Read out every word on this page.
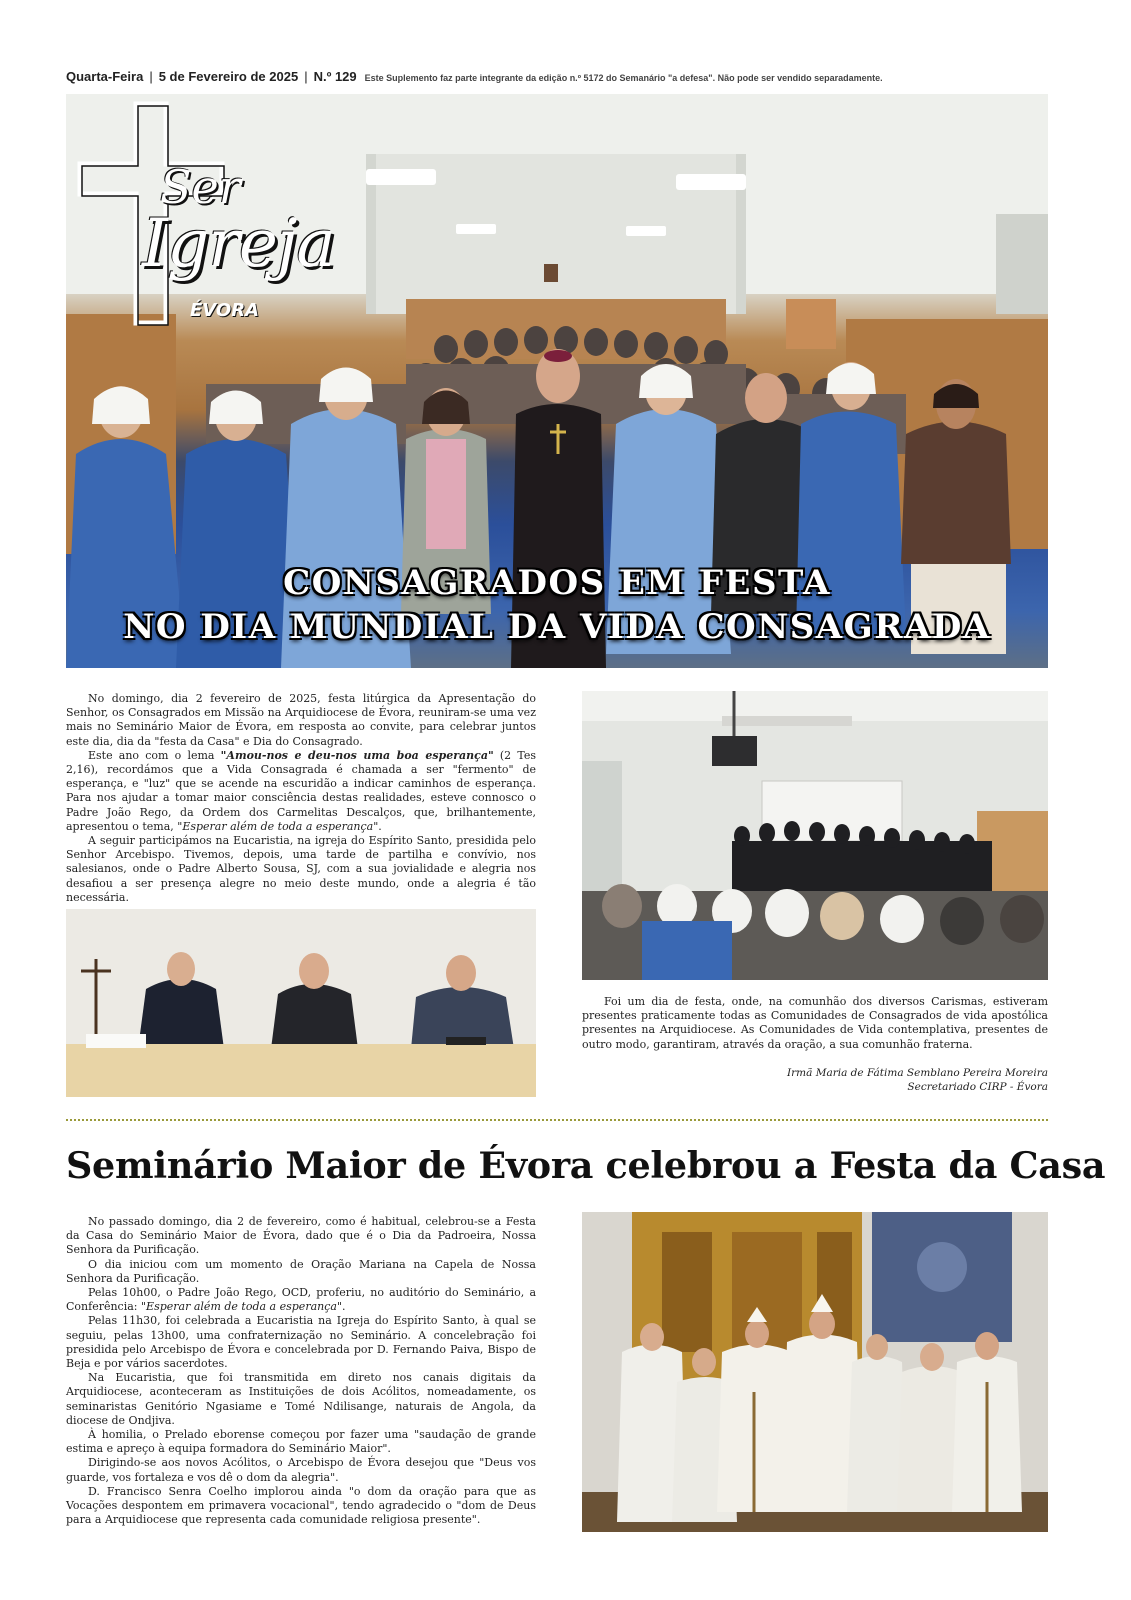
Quarta-Feira | 5 de Fevereiro de 2025 | N.º 129 Este Suplemento faz parte integrante da edição n.º 5172 do Semanário "a defesa". Não pode ser vendido separadamente.
Ser
Igreja
ÉVORA
CONSAGRADOS EM FESTA
NO DIA MUNDIAL DA VIDA CONSAGRADA

No domingo, dia 2 fevereiro de 2025, festa litúrgica da Apresentação do Senhor, os Consagrados em Missão na Arquidiocese de Évora, reuniram-se uma vez mais no Seminário Maior de Évora, em resposta ao convite, para celebrar juntos este dia, dia da "festa da Casa" e Dia do Consagrado.

Este ano com o lema "Amou-nos e deu-nos uma boa esperança" (2 Tes 2,16), recordámos que a Vida Consagrada é chamada a ser "fermento" de esperança, e "luz" que se acende na escuridão a indicar caminhos de esperança. Para nos ajudar a tomar maior consciência destas realidades, esteve connosco o Padre João Rego, da Ordem dos Carmelitas Descalços, que, brilhantemente, apresentou o tema, "Esperar além de toda a esperança".

A seguir participámos na Eucaristia, na igreja do Espírito Santo, presidida pelo Senhor Arcebispo. Tivemos, depois, uma tarde de partilha e convívio, nos salesianos, onde o Padre Alberto Sousa, SJ, com a sua jovialidade e alegria nos desafiou a ser presença alegre no meio deste mundo, onde a alegria é tão necessária.

Foi um dia de festa, onde, na comunhão dos diversos Carismas, estiveram presentes praticamente todas as Comunidades de Consagrados de vida apostólica presentes na Arquidiocese. As Comunidades de Vida contemplativa, presentes de outro modo, garantiram, através da oração, a sua comunhão fraterna.

Irmã Maria de Fátima Semblano Pereira Moreira
Secretariado CIRP - Évora
Seminário Maior de Évora celebrou a Festa da Casa

No passado domingo, dia 2 de fevereiro, como é habitual, celebrou-se a Festa da Casa do Seminário Maior de Évora, dado que é o Dia da Padroeira, Nossa Senhora da Purificação.

O dia iniciou com um momento de Oração Mariana na Capela de Nossa Senhora da Purificação.

Pelas 10h00, o Padre João Rego, OCD, proferiu, no auditório do Seminário, a Conferência: "Esperar além de toda a esperança".

Pelas 11h30, foi celebrada a Eucaristia na Igreja do Espírito Santo, à qual se seguiu, pelas 13h00, uma confraternização no Seminário. A concelebração foi presidida pelo Arcebispo de Évora e concelebrada por D. Fernando Paiva, Bispo de Beja e por vários sacerdotes.

Na Eucaristia, que foi transmitida em direto nos canais digitais da Arquidiocese, aconteceram as Instituições de dois Acólitos, nomeadamente, os seminaristas Genitório Ngasiame e Tomé Ndilisange, naturais de Angola, da diocese de Ondjiva.

À homilia, o Prelado eborense começou por fazer uma "saudação de grande estima e apreço à equipa formadora do Seminário Maior".

Dirigindo-se aos novos Acólitos, o Arcebispo de Évora desejou que "Deus vos guarde, vos fortaleza e vos dê o dom da alegria".

D. Francisco Senra Coelho implorou ainda "o dom da oração para que as Vocações despontem em primavera vocacional", tendo agradecido o "dom de Deus para a Arquidiocese que representa cada comunidade religiosa presente".
